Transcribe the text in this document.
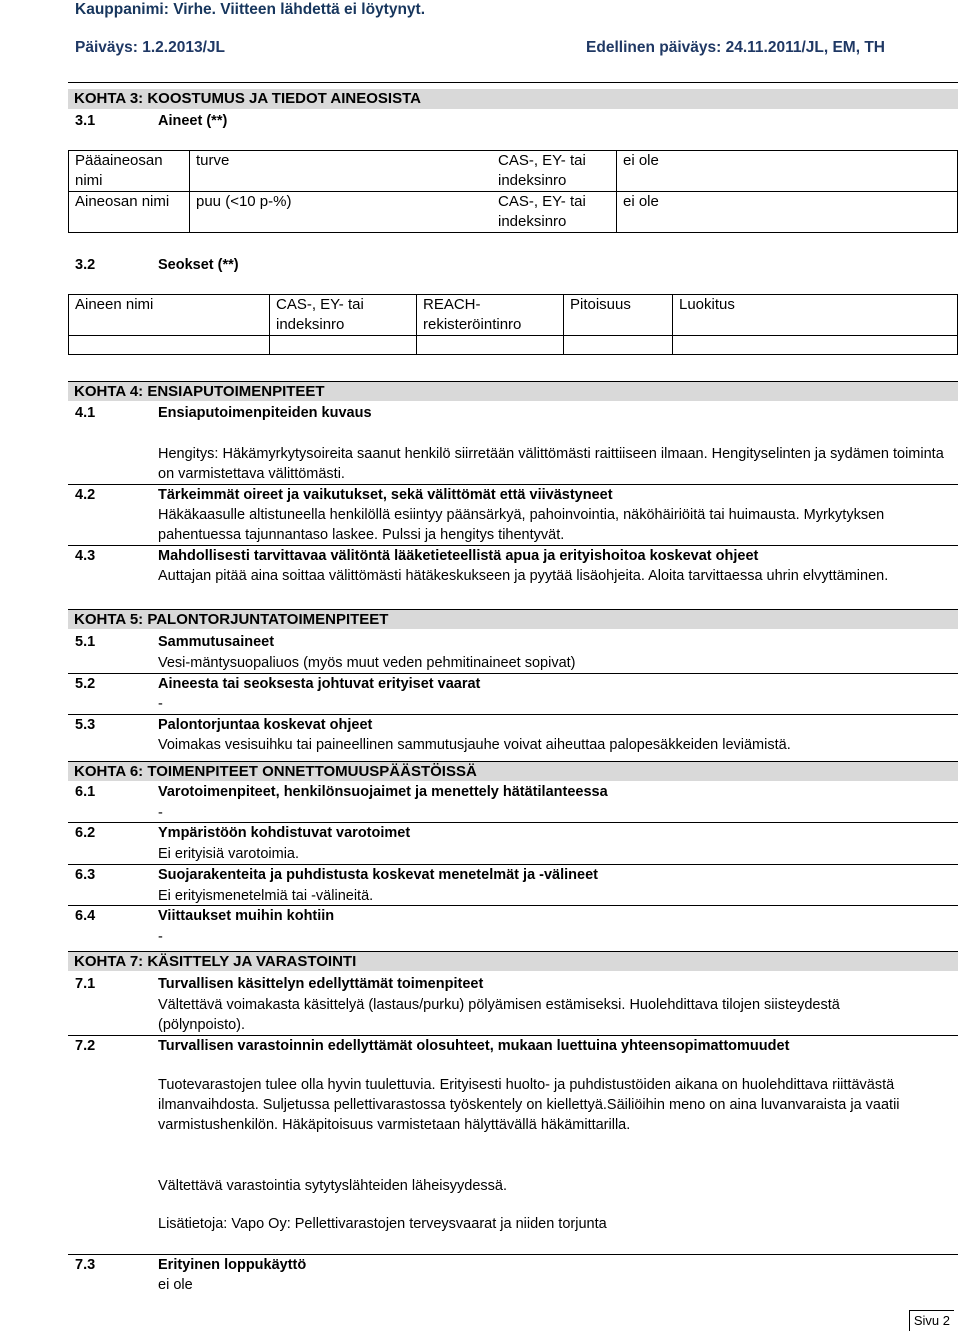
Kauppanimi: Virhe. Viitteen lähdettä ei löytynyt.
Päiväys: 1.2.2013/JL	Edellinen päiväys: 24.11.2011/JL, EM, TH
KOHTA 3: KOOSTUMUS JA TIEDOT AINEOSISTA
3.1	Aineet (**)
Pääaineosan nimi	turve	CAS-, EY- tai indeksinro	ei ole
Aineosan nimi	puu (<10 p-%)	CAS-, EY- tai indeksinro	ei ole
3.2	Seokset (**)
Aineen nimi	CAS-, EY- tai indeksinro	REACH-rekisteröintinro	Pitoisuus	Luokitus

KOHTA 4: ENSIAPUTOIMENPITEET
4.1	Ensiaputoimenpiteiden kuvaus
Hengitys: Häkämyrkytysoireita saanut henkilö siirretään välittömästi raittiiseen ilmaan. Hengityselinten ja sydämen toiminta on varmistettava välittömästi.
4.2	Tärkeimmät oireet ja vaikutukset, sekä välittömät että viivästyneet
Häkäkaasulle altistuneella henkilöllä esiintyy päänsärkyä, pahoinvointia, näköhäiriöitä tai huimausta. Myrkytyksen pahentuessa tajunnantaso laskee. Pulssi ja hengitys tihentyvät.
4.3	Mahdollisesti tarvittavaa välitöntä lääketieteellistä apua ja erityishoitoa koskevat ohjeet
Auttajan pitää aina soittaa välittömästi hätäkeskukseen ja pyytää lisäohjeita. Aloita tarvittaessa uhrin elvyttäminen.
KOHTA 5: PALONTORJUNTATOIMENPITEET
5.1	Sammutusaineet
Vesi-mäntysuopaliuos (myös muut veden pehmitinaineet sopivat)
5.2	Aineesta tai seoksesta johtuvat erityiset vaarat
-
5.3	Palontorjuntaa koskevat ohjeet
Voimakas vesisuihku tai paineellinen sammutusjauhe voivat aiheuttaa palopesäkkeiden leviämistä.
KOHTA 6: TOIMENPITEET ONNETTOMUUSPÄÄSTÖISSÄ
6.1	Varotoimenpiteet, henkilönsuojaimet ja menettely hätätilanteessa
-
6.2	Ympäristöön kohdistuvat varotoimet
Ei erityisiä varotoimia.
6.3	Suojarakenteita ja puhdistusta koskevat menetelmät ja -välineet
Ei erityismenetelmiä tai -välineitä.
6.4	Viittaukset muihin kohtiin
-
KOHTA 7: KÄSITTELY JA VARASTOINTI
7.1	Turvallisen käsittelyn edellyttämät toimenpiteet
Vältettävä voimakasta käsittelyä (lastaus/purku) pölyämisen estämiseksi. Huolehdittava tilojen siisteydestä (pölynpoisto).
7.2	Turvallisen varastoinnin edellyttämät olosuhteet, mukaan luettuina yhteensopimattomuudet
Tuotevarastojen tulee olla hyvin tuulettuvia. Erityisesti huolto- ja puhdistustöiden aikana on huolehdittava riittävästä ilmanvaihdosta. Suljetussa pellettivarastossa työskentely on kiellettyä.Säiliöihin meno on aina luvanvaraista ja vaatii varmistushenkilön. Häkäpitoisuus varmistetaan hälyttävällä häkämittarilla.
Vältettävä varastointia sytytyslähteiden läheisyydessä.
Lisätietoja: Vapo Oy: Pellettivarastojen terveysvaarat ja niiden torjunta
7.3	Erityinen loppukäyttö
ei ole
Sivu 2
